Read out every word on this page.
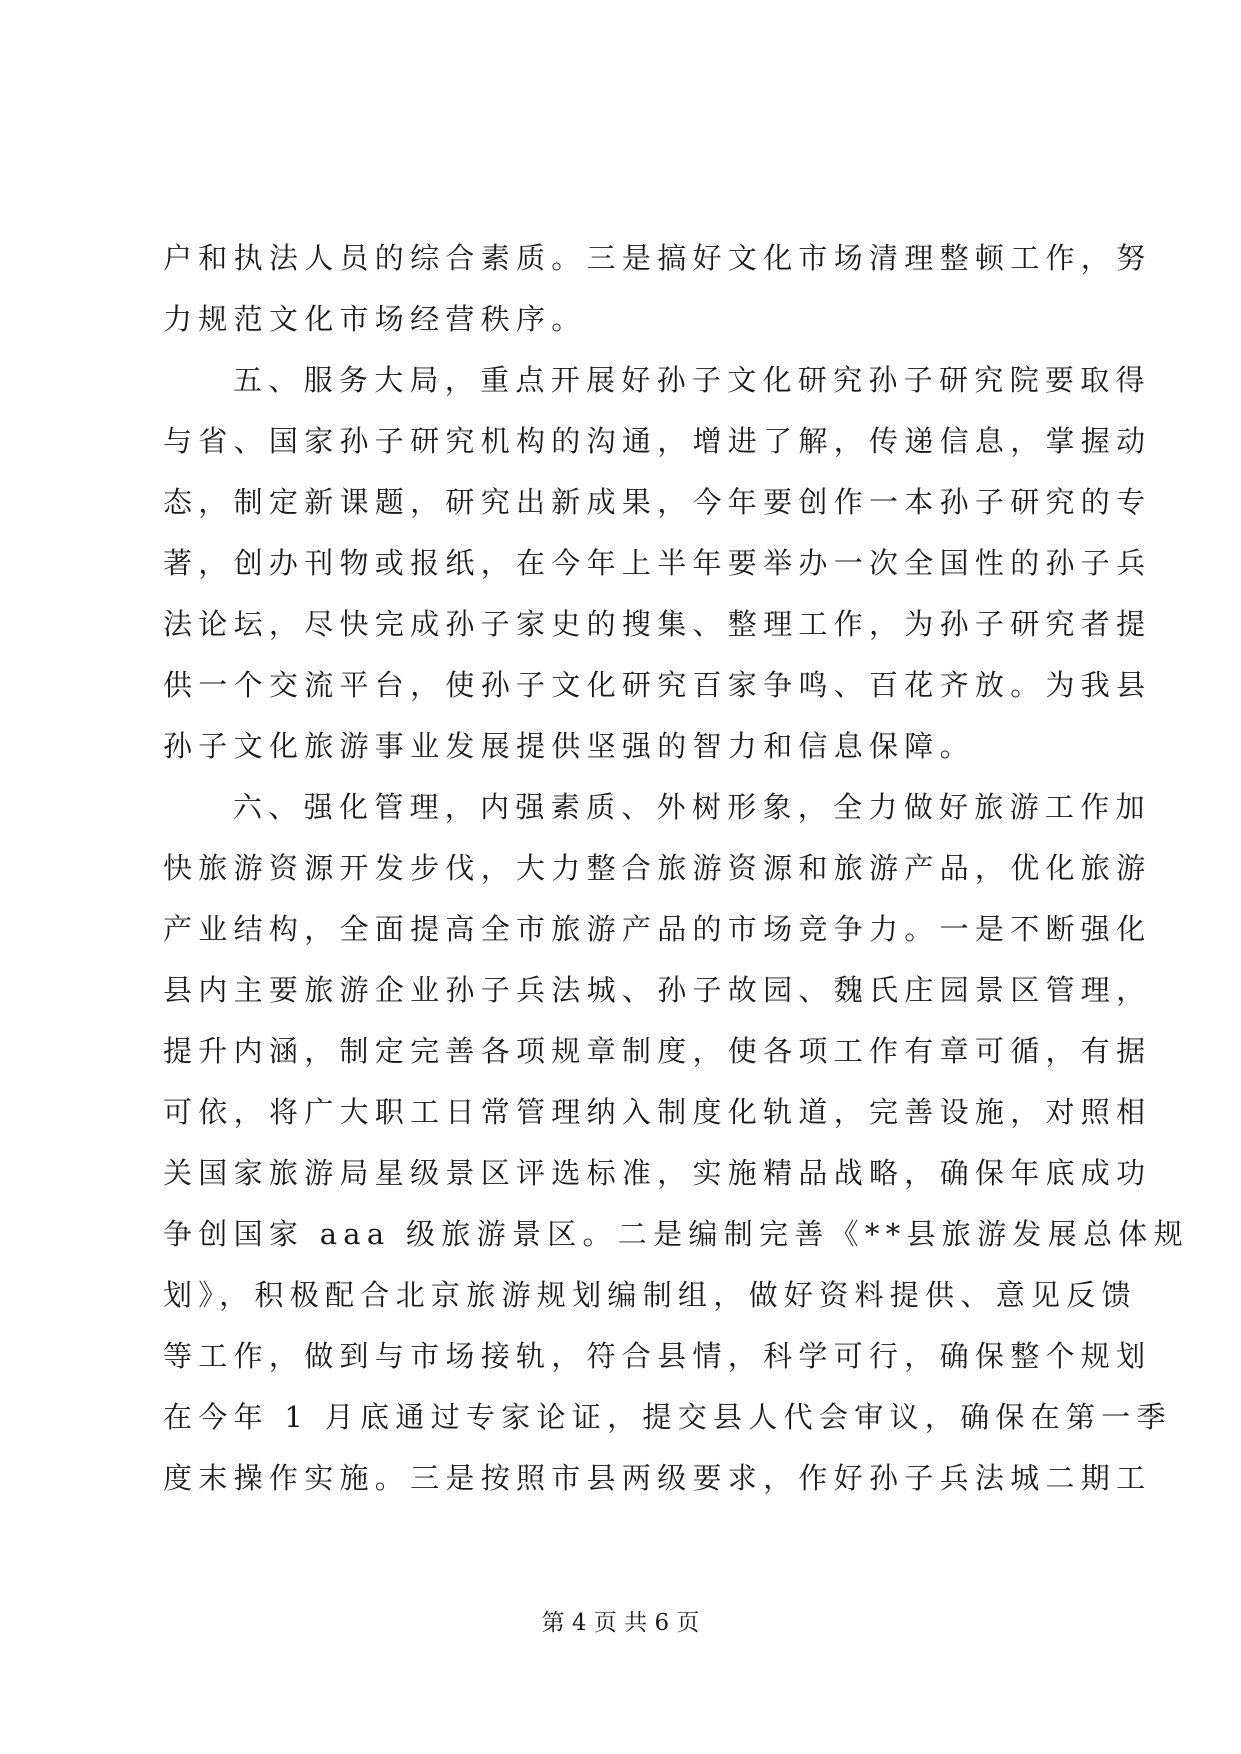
户和执法人员的综合素质。三是搞好文化市场清理整顿工作，努
力规范文化市场经营秩序。
五、服务大局，重点开展好孙子文化研究孙子研究院要取得
与省、国家孙子研究机构的沟通，增进了解，传递信息，掌握动
态，制定新课题，研究出新成果，今年要创作一本孙子研究的专
著，创办刊物或报纸，在今年上半年要举办一次全国性的孙子兵
法论坛，尽快完成孙子家史的搜集、整理工作，为孙子研究者提
供一个交流平台，使孙子文化研究百家争鸣、百花齐放。为我县
孙子文化旅游事业发展提供坚强的智力和信息保障。
六、强化管理，内强素质、外树形象，全力做好旅游工作加
快旅游资源开发步伐，大力整合旅游资源和旅游产品，优化旅游
产业结构，全面提高全市旅游产品的市场竞争力。一是不断强化
县内主要旅游企业孙子兵法城、孙子故园、魏氏庄园景区管理，
提升内涵，制定完善各项规章制度，使各项工作有章可循，有据
可依，将广大职工日常管理纳入制度化轨道，完善设施，对照相
关国家旅游局星级景区评选标准，实施精品战略，确保年底成功
争创国家 aaa 级旅游景区。二是编制完善《**县旅游发展总体规
划》，积极配合北京旅游规划编制组，做好资料提供、意见反馈
等工作，做到与市场接轨，符合县情，科学可行，确保整个规划
在今年 1 月底通过专家论证，提交县人代会审议，确保在第一季
度末操作实施。三是按照市县两级要求，作好孙子兵法城二期工
第 4 页 共 6 页
